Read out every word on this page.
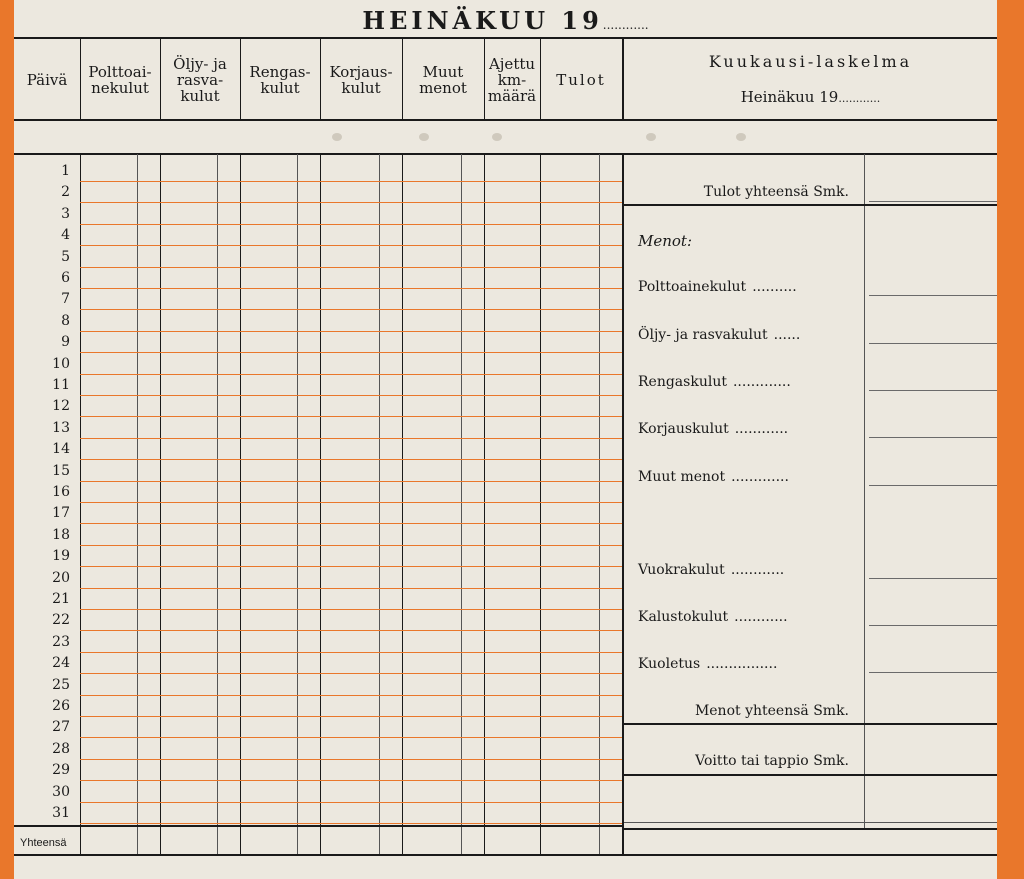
HEINÄKUU 19............
Päivä Polttoai-
nekulut
Öljy- ja
rasva-
kulut
Rengas-
kulut
Korjaus-
kulut
Muut
menot
Ajettu
km-
määrä
Tulot
Kuukausi-laskelma
Heinäkuu 19............
1
2
3
4
5
6
7
8
9
10
11
12
13
14
15
16
17
18
19
20
21
22
23
24
25
26
27
28
29
30
31
Yhteensä
Tulot yhteensä Smk.
Menot:
Polttoainekulut ..........
Öljy- ja rasvakulut ......
Rengaskulut .............
Korjauskulut ............
Muut menot .............
Vuokrakulut ............
Kalustokulut ............
Kuoletus ................
Menot yhteensä Smk.
Voitto tai tappio Smk.
